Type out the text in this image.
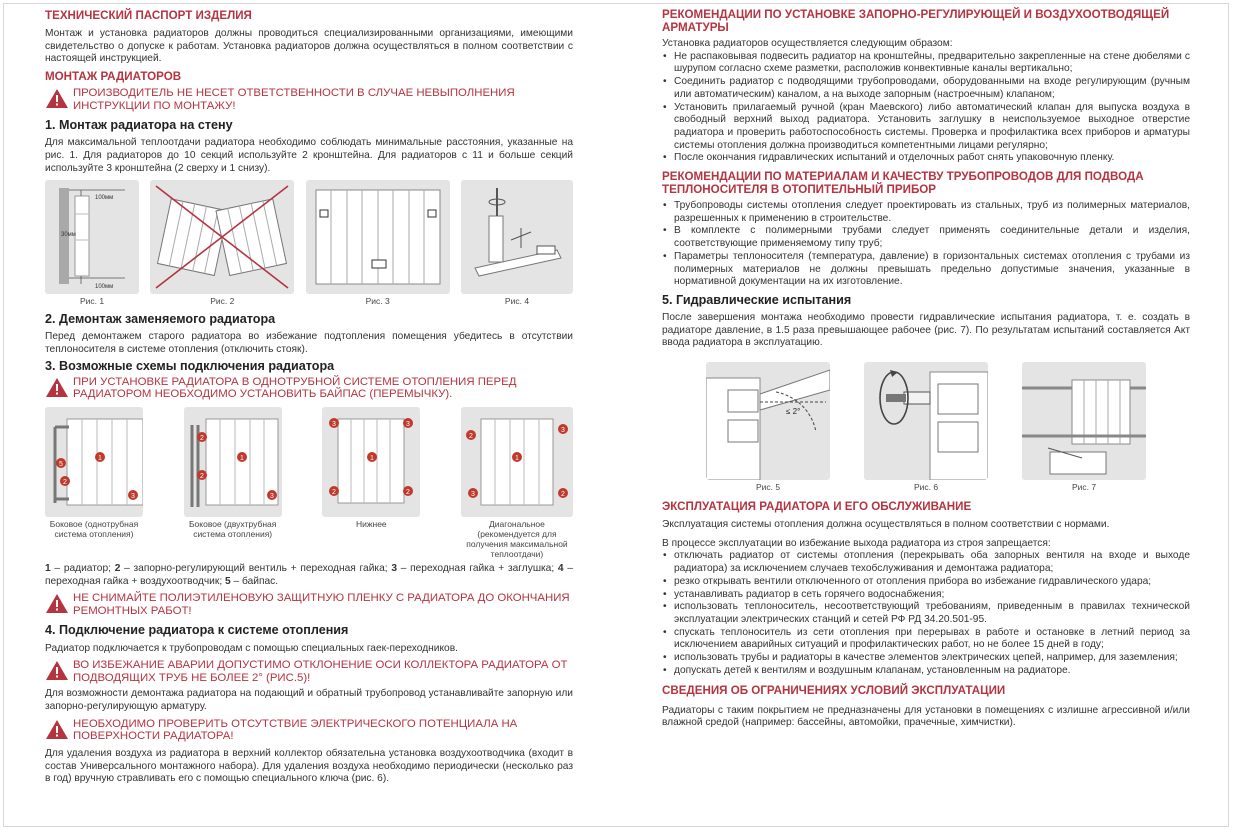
ТЕХНИЧЕСКИЙ ПАСПОРТ ИЗДЕЛИЯ

Монтаж и установка радиаторов должны проводиться специализированными организациями, имеющими свидетельство о допуске к работам. Установка радиаторов должна осуществляться в полном соответствии с настоящей инструкцией.

МОНТАЖ РАДИАТОРОВ
ПРОИЗВОДИТЕЛЬ НЕ НЕСЕТ ОТВЕТСТВЕННОСТИ В СЛУЧАЕ НЕВЫПОЛНЕНИЯ ИНСТРУКЦИИ ПО МОНТАЖУ!
1. Монтаж радиатора на стену

Для максимальной теплоотдачи радиатора необходимо соблюдать минимальные расстояния, указанные на рис. 1. Для радиаторов до 10 секций используйте 2 кронштейна. Для радиаторов с 11 и больше секций используйте 3 кронштейна (2 сверху и 1 снизу).

100мм
30мм
100мм
Рис. 1	Рис. 2	Рис. 3	Рис. 4
2. Демонтаж заменяемого радиатора

Перед демонтажем старого радиатора во избежание подтопления помещения убедитесь в отсутствии теплоносителя в системе отопления (отключить стояк).

3. Возможные схемы подключения радиатора
ПРИ УСТАНОВКЕ РАДИАТОРА В ОДНОТРУБНОЙ СИСТЕМЕ ОТОПЛЕНИЯ ПЕРЕД РАДИАТОРОМ НЕОБХОДИМО УСТАНОВИТЬ БАЙПАС (ПЕРЕМЫЧКУ).
5
1
2
3
Боковое (однотрубная система отопления)
1
2
2
3
Боковое (двухтрубная система отопления)
3	3
1
2	2
Нижнее
2
3
1
3	2
Диагональное (рекомендуется для получения максимальной теплоотдачи)

1 – радиатор; 2 – запорно-регулирующий вентиль + переходная гайка; 3 – переходная гайка + заглушка; 4 – переходная гайка + воздухоотводчик; 5 – байпас.

НЕ СНИМАЙТЕ ПОЛИЭТИЛЕНОВУЮ ЗАЩИТНУЮ ПЛЕНКУ С РАДИАТОРА ДО ОКОНЧАНИЯ РЕМОНТНЫХ РАБОТ!
4. Подключение радиатора к системе отопления

Радиатор подключается к трубопроводам с помощью специальных гаек-переходников.

ВО ИЗБЕЖАНИЕ АВАРИИ ДОПУСТИМО ОТКЛОНЕНИЕ ОСИ КОЛЛЕКТОРА РАДИАТОРА ОТ ПОДВОДЯЩИХ ТРУБ НЕ БОЛЕЕ 2° (РИС.5)!

Для возможности демонтажа радиатора на подающий и обратный трубопровод устанавливайте запорную или запорно-регулирующую арматуру.

НЕОБХОДИМО ПРОВЕРИТЬ ОТСУТСТВИЕ ЭЛЕКТРИЧЕСКОГО ПОТЕНЦИАЛА НА ПОВЕРХНОСТИ РАДИАТОРА!

Для удаления воздуха из радиатора в верхний коллектор обязательна установка воздухоотводчика (входит в состав Универсального монтажного набора). Для удаления воздуха необходимо периодически (несколько раз в год) вручную стравливать его с помощью специального ключа (рис. 6).

РЕКОМЕНДАЦИИ ПО УСТАНОВКЕ ЗАПОРНО-РЕГУЛИРУЮЩЕЙ И ВОЗДУХООТВОДЯЩЕЙ АРМАТУРЫ

Установка радиаторов осуществляется следующим образом:

• Не распаковывая подвесить радиатор на кронштейны, предварительно закрепленные на стене дюбелями с шурупом согласно схеме разметки, расположив конвективные каналы вертикально;
• Соединить радиатор с подводящими трубопроводами, оборудованными на входе регулирующим (ручным или автоматическим) каналом, а на выходе запорным (настроечным) клапаном;
• Установить прилагаемый ручной (кран Маевского) либо автоматический клапан для выпуска воздуха в свободный верхний выход радиатора. Установить заглушку в неиспользуемое выходное отверстие радиатора и проверить работоспособность системы. Проверка и профилактика всех приборов и арматуры системы отопления должна производиться компетентными лицами регулярно;
• После окончания гидравлических испытаний и отделочных работ снять упаковочную пленку.
РЕКОМЕНДАЦИИ ПО МАТЕРИАЛАМ И КАЧЕСТВУ ТРУБОПРОВОДОВ ДЛЯ ПОДВОДА ТЕПЛОНОСИТЕЛЯ В ОТОПИТЕЛЬНЫЙ ПРИБОР
• Трубопроводы системы отопления следует проектировать из стальных, труб из полимерных материалов, разрешенных к применению в строительстве.
• В комплекте с полимерными трубами следует применять соединительные детали и изделия, соответствующие применяемому типу труб;
• Параметры теплоносителя (температура, давление) в горизонтальных системах отопления с трубами из полимерных материалов не должны превышать предельно допустимые значения, указанные в нормативной документации на их изготовление.
5. Гидравлические испытания

После завершения монтажа необходимо провести гидравлические испытания радиатора, т. е. создать в радиаторе давление, в 1.5 раза превышающее рабочее (рис. 7). По результатам испытаний составляется Акт ввода радиатора в эксплуатацию.

≤ 2°
Рис. 5	Рис. 6	Рис. 7
ЭКСПЛУАТАЦИЯ РАДИАТОРА И ЕГО ОБСЛУЖИВАНИЕ

Эксплуатация системы отопления должна осуществляться в полном соответствии с нормами.

В процессе эксплуатации во избежание выхода радиатора из строя запрещается:

• отключать радиатор от системы отопления (перекрывать оба запорных вентиля на входе и выходе радиатора) за исключением случаев техобслуживания и демонтажа радиатора;
• резко открывать вентили отключенного от отопления прибора во избежание гидравлического удара;
• устанавливать радиатор в сеть горячего водоснабжения;
• использовать теплоноситель, несоответствующий требованиям, приведенным в правилах технической эксплуатации электрических станций и сетей РФ РД 34.20.501-95.
• спускать теплоноситель из сети отопления при перерывах в работе и остановке в летний период за исключением аварийных ситуаций и профилактических работ, но не более 15 дней в году;
• использовать трубы и радиаторы в качестве элементов электрических цепей, например, для заземления;
• допускать детей к вентилям и воздушным клапанам, установленным на радиаторе.
СВЕДЕНИЯ ОБ ОГРАНИЧЕНИЯХ УСЛОВИЙ ЭКСПЛУАТАЦИИ

Радиаторы с таким покрытием не предназначены для установки в помещениях с излишне агрессивной и/или влажной средой (например: бассейны, автомойки, прачечные, химчистки).
